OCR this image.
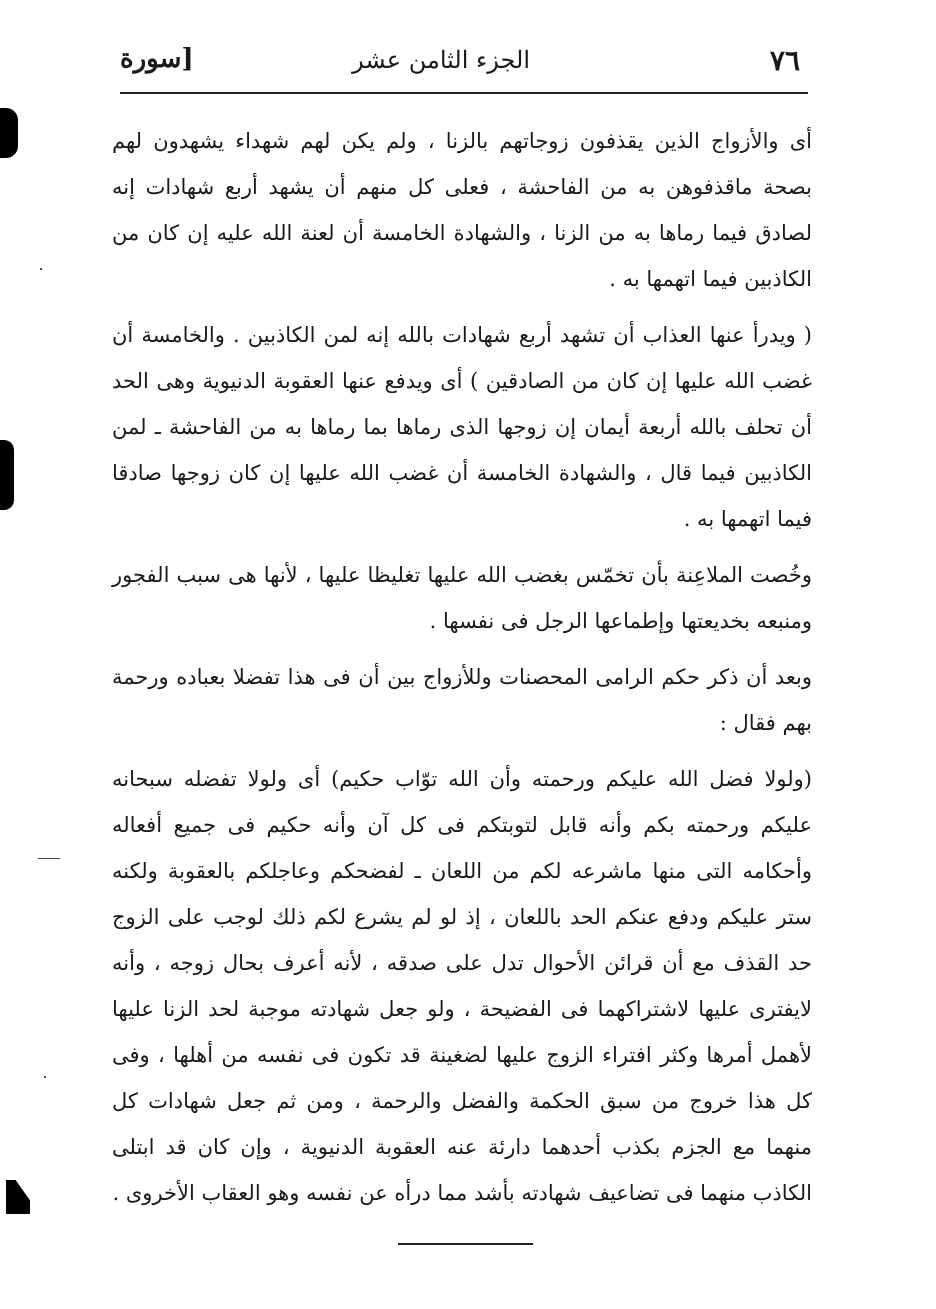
٧٦
الجزء الثامن عشر
[سورة

أى والأزواج الذين يقذفون زوجاتهم بالزنا ، ولم يكن لهم شهداء يشهدون لهم بصحة ماقذفوهن به من الفاحشة ، فعلى كل منهم أن يشهد أربع شهادات إنه لصادق فيما رماها به من الزنا ، والشهادة الخامسة أن لعنة الله عليه إن كان من الكاذبين فيما اتهمها به .

( ويدرأ عنها العذاب أن تشهد أربع شهادات بالله إنه لمن الكاذبين . والخامسة أن غضب الله عليها إن كان من الصادقين ) أى ويدفع عنها العقوبة الدنيوية وهى الحد أن تحلف بالله أربعة أيمان إن زوجها الذى رماها بما رماها به من الفاحشة ـ لمن الكاذبين فيما قال ، والشهادة الخامسة أن غضب الله عليها إن كان زوجها صادقا فيما اتهمها به .

وخُصت الملاعِنة بأن تخمّس بغضب الله عليها تغليظا عليها ، لأنها هى سبب الفجور ومنبعه بخديعتها وإطماعها الرجل فى نفسها .

وبعد أن ذكر حكم الرامى المحصنات وللأزواج بين أن فى هذا تفضلا بعباده ورحمة بهم فقال :

(ولولا فضل الله عليكم ورحمته وأن الله توّاب حكيم) أى ولولا تفضله سبحانه عليكم ورحمته بكم وأنه قابل لتوبتكم فى كل آن وأنه حكيم فى جميع أفعاله وأحكامه التى منها ماشرعه لكم من اللعان ـ لفضحكم وعاجلكم بالعقوبة ولكنه ستر عليكم ودفع عنكم الحد باللعان ، إذ لو لم يشرع لكم ذلك لوجب على الزوج حد القذف مع أن قرائن الأحوال تدل على صدقه ، لأنه أعرف بحال زوجه ، وأنه لايفترى عليها لاشتراكهما فى الفضيحة ، ولو جعل شهادته موجبة لحد الزنا عليها لأهمل أمرها وكثر افتراء الزوج عليها لضغينة قد تكون فى نفسه من أهلها ، وفى كل هذا خروج من سبق الحكمة والفضل والرحمة ، ومن ثم جعل شهادات كل منهما مع الجزم بكذب أحدهما دارئة عنه العقوبة الدنيوية ، وإن كان قد ابتلى الكاذب منهما فى تضاعيف شهادته بأشد مما درأه عن نفسه وهو العقاب الأخروى .
